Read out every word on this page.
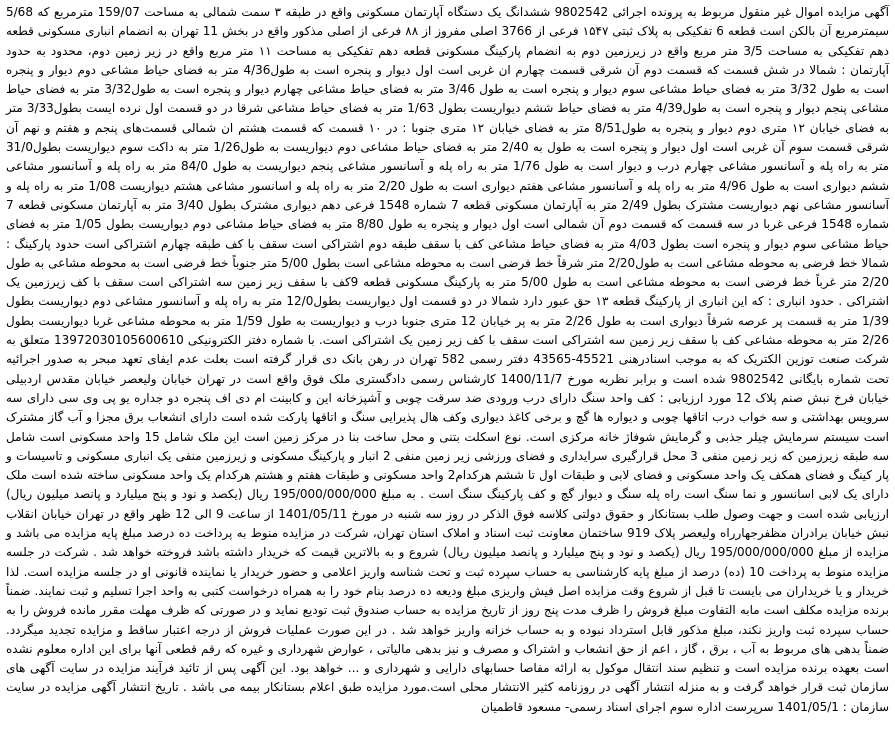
آگهی مزایده اموال غیر منقول مربوط به پرونده اجرائی 9802542 ششدانگ یک دستگاه آپارتمان مسکونی واقع در طبقه ۳ سمت شمالی به مساحت 159/07 مترمربع که 5/68 سیمترمربع آن بالکن است قطعه 6 تفکیکی به پلاک ثبتی ۱۵۴۷ فرعی از 3766 اصلی مفروز از ۸۸ فرعی از اصلی مذکور واقع در بخش 11 تهران به انضمام انباری مسکونی قطعه دهم تفکیکی به مساحت 3/5 متر مربع واقع در زیرزمین دوم به انضمام پارکینگ مسکونی قطعه دهم تفکیکی به مساحت ۱۱ متر مربع واقع در زیر زمین دوم، محدود به حدود آپارتمان : شمالا در شش قسمت که قسمت دوم آن شرقی قسمت چهارم ان غربی است اول دیوار و پنجره است به طول4/36 متر به فضای حیاط مشاعی دوم دیوار و پنجره است به طول 3/32 متر به فضای حیاط مشاعی سوم دیوار و پنجره است به طول 3/46 متر به فضای حیاط مشاعی چهارم دیوار و پنجره است به طول3/32 متر به فضای حیاط مشاعی پنجم دیوار و پنجره است به طول4/39 متر به فضای حیاط ششم دیواریست بطول 1/63 متر به فضای حیاط مشاعی شرقا در دو قسمت اول نرده ایست بطول3/33 متر به فضای خیابان ۱۲ متری دوم دیوار و پنجره به طول8/51 متر به فضای خیابان ۱۲ متری جنوبا : در ۱۰ قسمت که قسمت هشتم ان شمالی قسمت‌های پنجم و هفتم و نهم آن شرقی قسمت سوم آن غربی است اول دیوار و پنجره است به طول به 2/40 متر به فضای حیاط مشاعی دوم دیواریست به طول1/26 متر به داکت سوم دیواریست بطول31/0 متر به راه پله و آسانسور مشاعی چهارم درب و دیوار است به طول 1/76 متر به راه پله و آسانسور مشاعی پنجم دیواریست به طول 84/0 متر به راه پله و آسانسور مشاعی ششم دیواری است به طول 4/96 متر به راه پله و آسانسور مشاعی هفتم دیواری است به طول 2/20 متر به راه پله و اسانسور مشاعی هشتم دیواریست 1/08 متر به راه پله و آسانسور مشاعی نهم دیواریست مشترک بطول 2/49 متر به آپارتمان مسکونی قطعه 7 شماره 1548 فرعی دهم دیواری مشترک بطول 3/40 متر به آپارتمان مسکونی قطعه 7 شماره 1548 فرعی غربا در سه قسمت که قسمت دوم آن شمالی است اول دیوار و پنجره به طول 8/80 متر به فضای حیاط مشاعی دوم دیواریست بطول 1/05 متر به فضای حیاط مشاعی سوم دیوار و پنجره است بطول 4/03 متر به فضای حیاط مشاعی کف با سقف طبقه دوم اشتراکی است سقف با کف طبقه چهارم اشتراکی است حدود پارکینگ : شمالا خط فرضی به محوطه مشاعی است به طول2/20 متر شرقاً خط فرضی است به محوطه مشاعی است بطول 5/00 متر جنوباً خط فرضی است به محوطه مشاعی به طول 2/20 متر غرباً خط فرضی است به محوطه مشاعی است به طول 5/00 متر به پارکینگ مسکونی قطعه 9کف با سقف زیر زمین سه اشتراکی است سقف با کف زیرزمین یک اشتراکی . حدود انباری : که این انباری از پارکینگ قطعه ۱۳ حق عبور دارد شمالا در دو قسمت اول دیواریست بطول12/0 متر به راه پله و آسانسور مشاعی دوم دیواریست بطول 1/39 متر به قسمت پر عرصه شرقاً دیواری است به طول 2/26 متر به پر خیابان 12 متری جنوبا درب و دیواریست به طول 1/59 متر به محوطه مشاعی غربا دیواریست بطول 2/26 متر به محوطه مشاعی کف با سقف زیر زمین سه اشتراکی است سقف با کف زیر زمین یک اشتراکی است. با شماره دفتر الکترونیکی 13972030105600610 متعلق به شرکت صنعت توزین الکتریک که به موجب اسنادرهنی 45521-43565 دفتر رسمی 582 تهران در رهن بانک دی قرار گرفته است بعلت عدم ایفای تعهد مبحر به صدور اجرائیه تحت شماره بایگانی 9802542 شده است و برابر نظریه مورخ 1400/11/7 کارشناس رسمی دادگستری ملک فوق واقع است در تهران خیابان ولیعصر خیابان مقدس اردبیلی خیابان فرخ نبش صنم پلاک 12 مورد ارزیابی : کف واحد سنگ دارای درب ورودی ضد سرقت چوبی و آشپزخانه این و کابینت ام دی اف پنجره دو جداره یو پی وی سی دارای سه سرویس بهداشتی و سه خواب درب اتاقها چوبی و دیواره ها گچ و برخی کاغذ دیواری وکف هال پذیرایی سنگ و اتاقها پارکت شده است دارای انشعاب برق مجزا و آب گاز مشترک است سیستم سرمایش چیلر جذبی و گرمایش شوفاژ خانه مرکزی است. نوع اسکلت بتنی و محل ساخت بنا در مرکز زمین است این ملک شامل 15 واحد مسکونی است شامل سه طبقه زیرزمین که زیر زمین منفی 3 محل قرارگیری سرایداری و فضای ورزشی زیر زمین منفی 2 انبار و پارکینگ مسکونی و زیرزمین منفی یک انباری مسکونی و تاسیسات و پار کینگ و فضای همکف یک واحد مسکونی و فضای لابی و طبقات اول تا ششم هرکدام2 واحد مسکونی و طبقات هفتم و هشتم هرکدام یک واحد مسکونی ساخته شده است ملک دارای یک لابی اسانسور و نما سنگ است راه پله سنگ و دیوار گچ و کف پارکینگ سنگ است . به مبلغ 195/000/000/000 ریال (یکصد و نود و پنج میلیارد و پانصد میلیون ریال) ارزیابی شده است و جهت وصول طلب بستانکار و حقوق دولتی کلاسه فوق الذکر در روز سه شنبه در مورخ 1401/05/11 از ساعت 9 الی 12 ظهر واقع در تهران خیابان انقلاب نبش خیابان برادران مظفرجهارراه ولیعصر پلاک 919 ساختمان معاونت ثبت اسناد و املاک استان تهران، شرکت در مزایده منوط به پرداخت ده درصد مبلغ پایه مزایده می باشد و مزایده از مبلغ 195/000/000/000 ریال (یکصد و نود و پنج میلیارد و پانصد میلیون ریال) شروع و به بالاترین قیمت که خریدار داشته باشد فروخته خواهد شد . شرکت در جلسه مزایده منوط به پرداخت 10 (ده) درصد از مبلغ پایه کارشناسی به حساب سپرده ثبت و تحت شناسه واریز اعلامی و حضور خریدار یا نماینده قانونی او در جلسه مزایده است. لذا خریدار و یا خریداران می بایست تا قبل از شروع وقت مزایده اصل فیش واریزی مبلغ ودیعه ده درصد بنام خود را به همراه درخواست کتبی به واحد اجرا تسلیم و ثبت نمایند. ضمناً برنده مزایده مکلف است مابه التفاوت مبلغ فروش را ظرف مدت پنج روز از تاریخ مزایده به حساب صندوق ثبت تودیع نماید و در صورتی که ظرف مهلت مقرر مانده فروش را به حساب سپرده ثبت واریز نکند، مبلغ مذکور قابل استرداد نبوده و به حساب خزانه واریز خواهد شد . در این صورت عملیات فروش از درجه اعتبار ساقط و مزایده تجدید میگردد. ضمناً بدهی های مربوط به آب ، برق ، گاز ، اعم از حق انشعاب و اشتراک و مصرف و نیز بدهی مالیاتی ، عوارض شهرداری و غیره که رقم قطعی آنها برای این اداره معلوم نشده است بعهده برنده مزایده است و تنظیم سند انتقال موکول به ارائه مفاصا حسابهای دارایی و شهرداری و ... خواهد بود. این آگهی پس از تائید فرآیند مزایده در سایت آگهی های سازمان ثبت قرار خواهد گرفت و به منزله انتشار آگهی در روزنامه کثیر الانتشار محلی است.مورد مزایده طبق اعلام بستانکار بیمه می باشد . تاریخ انتشار آگهی مزایده در سایت سازمان : 1401/05/1 سرپرست اداره سوم اجرای اسناد رسمی- مسعود قاطمیان
